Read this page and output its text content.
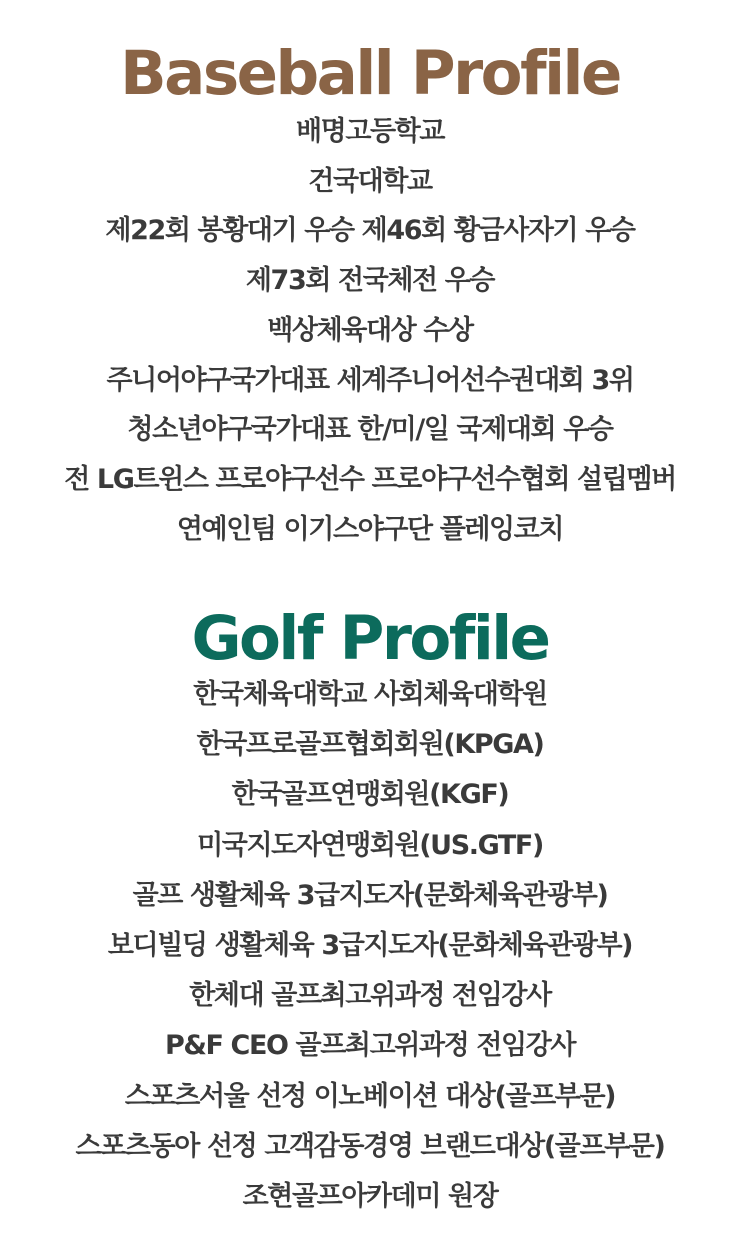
Baseball Profile
배명고등학교
건국대학교
제22회 봉황대기 우승 제46회 황금사자기 우승
제73회 전국체전 우승
백상체육대상 수상
주니어야구국가대표 세계주니어선수권대회 3위
청소년야구국가대표 한/미/일 국제대회 우승
전 LG트윈스 프로야구선수 프로야구선수협회 설립멤버
연예인팀 이기스야구단 플레잉코치
Golf Profile
한국체육대학교 사회체육대학원
한국프로골프협회회원(KPGA)
한국골프연맹회원(KGF)
미국지도자연맹회원(US.GTF)
골프 생활체육 3급지도자(문화체육관광부)
보디빌딩 생활체육 3급지도자(문화체육관광부)
한체대 골프최고위과정 전임강사
P&F CEO 골프최고위과정 전임강사
스포츠서울 선정 이노베이션 대상(골프부문)
스포츠동아 선정 고객감동경영 브랜드대상(골프부문)
조현골프아카데미 원장
